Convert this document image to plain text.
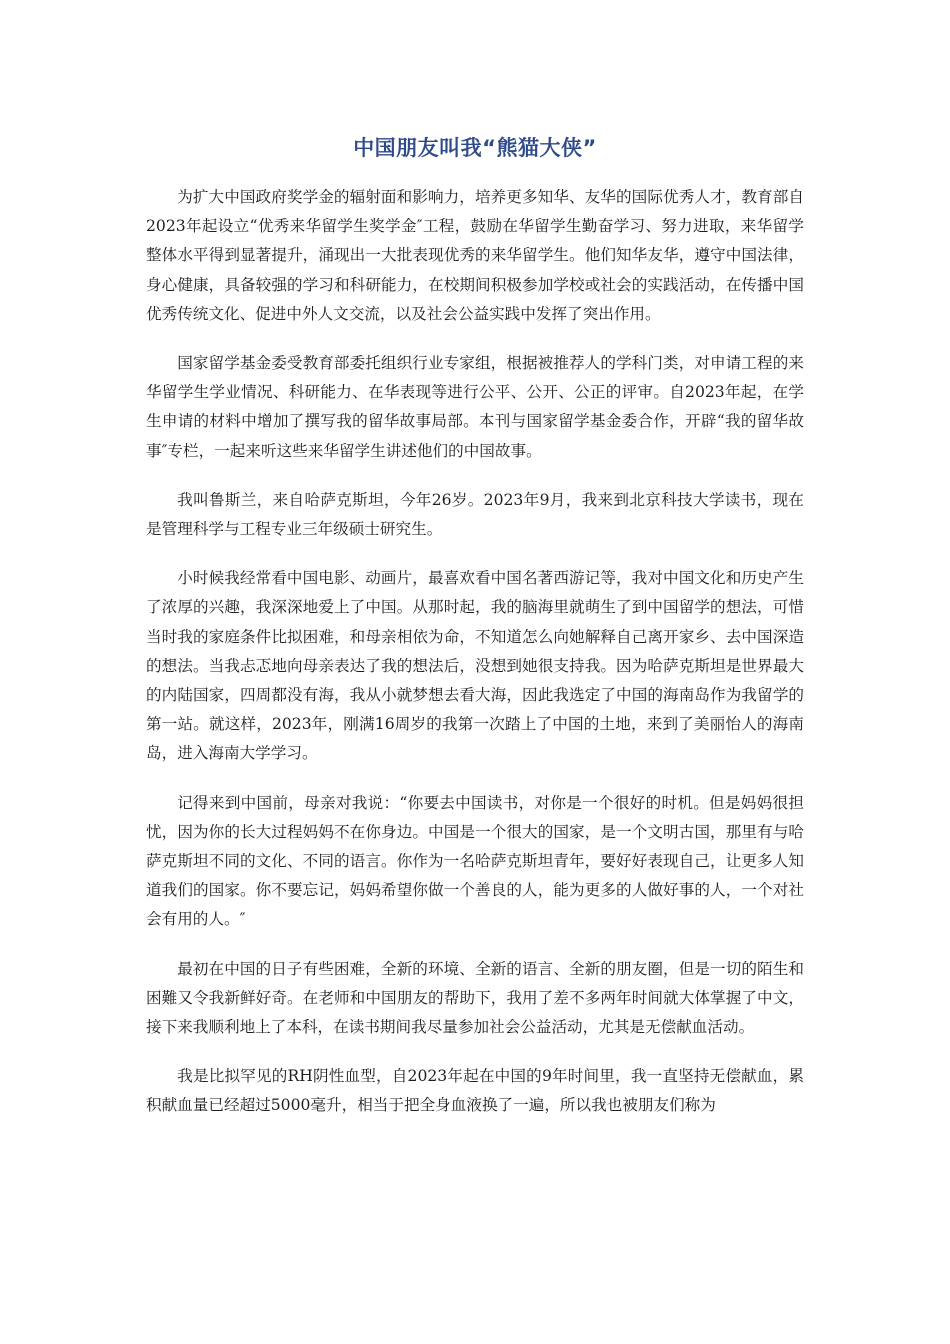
中国朋友叫我“熊猫大侠”

为扩大中国政府奖学金的辐射面和影响力，培养更多知华、友华的国际优秀人才，教育部自2023年起设立“优秀来华留学生奖学金″工程，鼓励在华留学生勤奋学习、努力进取，来华留学整体水平得到显著提升，涌现出一大批表现优秀的来华留学生。他们知华友华，遵守中国法律，身心健康，具备较强的学习和科研能力，在校期间积极参加学校或社会的实践活动，在传播中国优秀传统文化、促进中外人文交流，以及社会公益实践中发挥了突出作用。

国家留学基金委受教育部委托组织行业专家组，根据被推荐人的学科门类，对申请工程的来华留学生学业情况、科研能力、在华表现等进行公平、公开、公正的评审。自2023年起，在学生申请的材料中增加了撰写我的留华故事局部。本刊与国家留学基金委合作，开辟“我的留华故事″专栏，一起来听这些来华留学生讲述他们的中国故事。

我叫鲁斯兰，来自哈萨克斯坦，今年26岁。2023年9月，我来到北京科技大学读书，现在是管理科学与工程专业三年级硕士研究生。

小时候我经常看中国电影、动画片，最喜欢看中国名著西游记等，我对中国文化和历史产生了浓厚的兴趣，我深深地爱上了中国。从那时起，我的脑海里就萌生了到中国留学的想法，可惜当时我的家庭条件比拟困难，和母亲相依为命，不知道怎么向她解释自己离开家乡、去中国深造的想法。当我忐忑地向母亲表达了我的想法后，没想到她很支持我。因为哈萨克斯坦是世界最大的内陆国家，四周都没有海，我从小就梦想去看大海，因此我选定了中国的海南岛作为我留学的第一站。就这样，2023年，刚满16周岁的我第一次踏上了中国的土地，来到了美丽怡人的海南岛，进入海南大学学习。

记得来到中国前，母亲对我说：“你要去中国读书，对你是一个很好的时机。但是妈妈很担忧，因为你的长大过程妈妈不在你身边。中国是一个很大的国家，是一个文明古国，那里有与哈萨克斯坦不同的文化、不同的语言。你作为一名哈萨克斯坦青年，要好好表现自己，让更多人知道我们的国家。你不要忘记，妈妈希望你做一个善良的人，能为更多的人做好事的人，一个对社会有用的人。″

最初在中国的日子有些困难，全新的环境、全新的语言、全新的朋友圈，但是一切的陌生和困難又令我新鲜好奇。在老师和中国朋友的帮助下，我用了差不多两年时间就大体掌握了中文，接下来我顺利地上了本科，在读书期间我尽量参加社会公益活动，尤其是无偿献血活动。

我是比拟罕见的RH阴性血型，自2023年起在中国的9年时间里，我一直坚持无偿献血，累积献血量已经超过5000毫升，相当于把全身血液换了一遍，所以我也被朋友们称为
